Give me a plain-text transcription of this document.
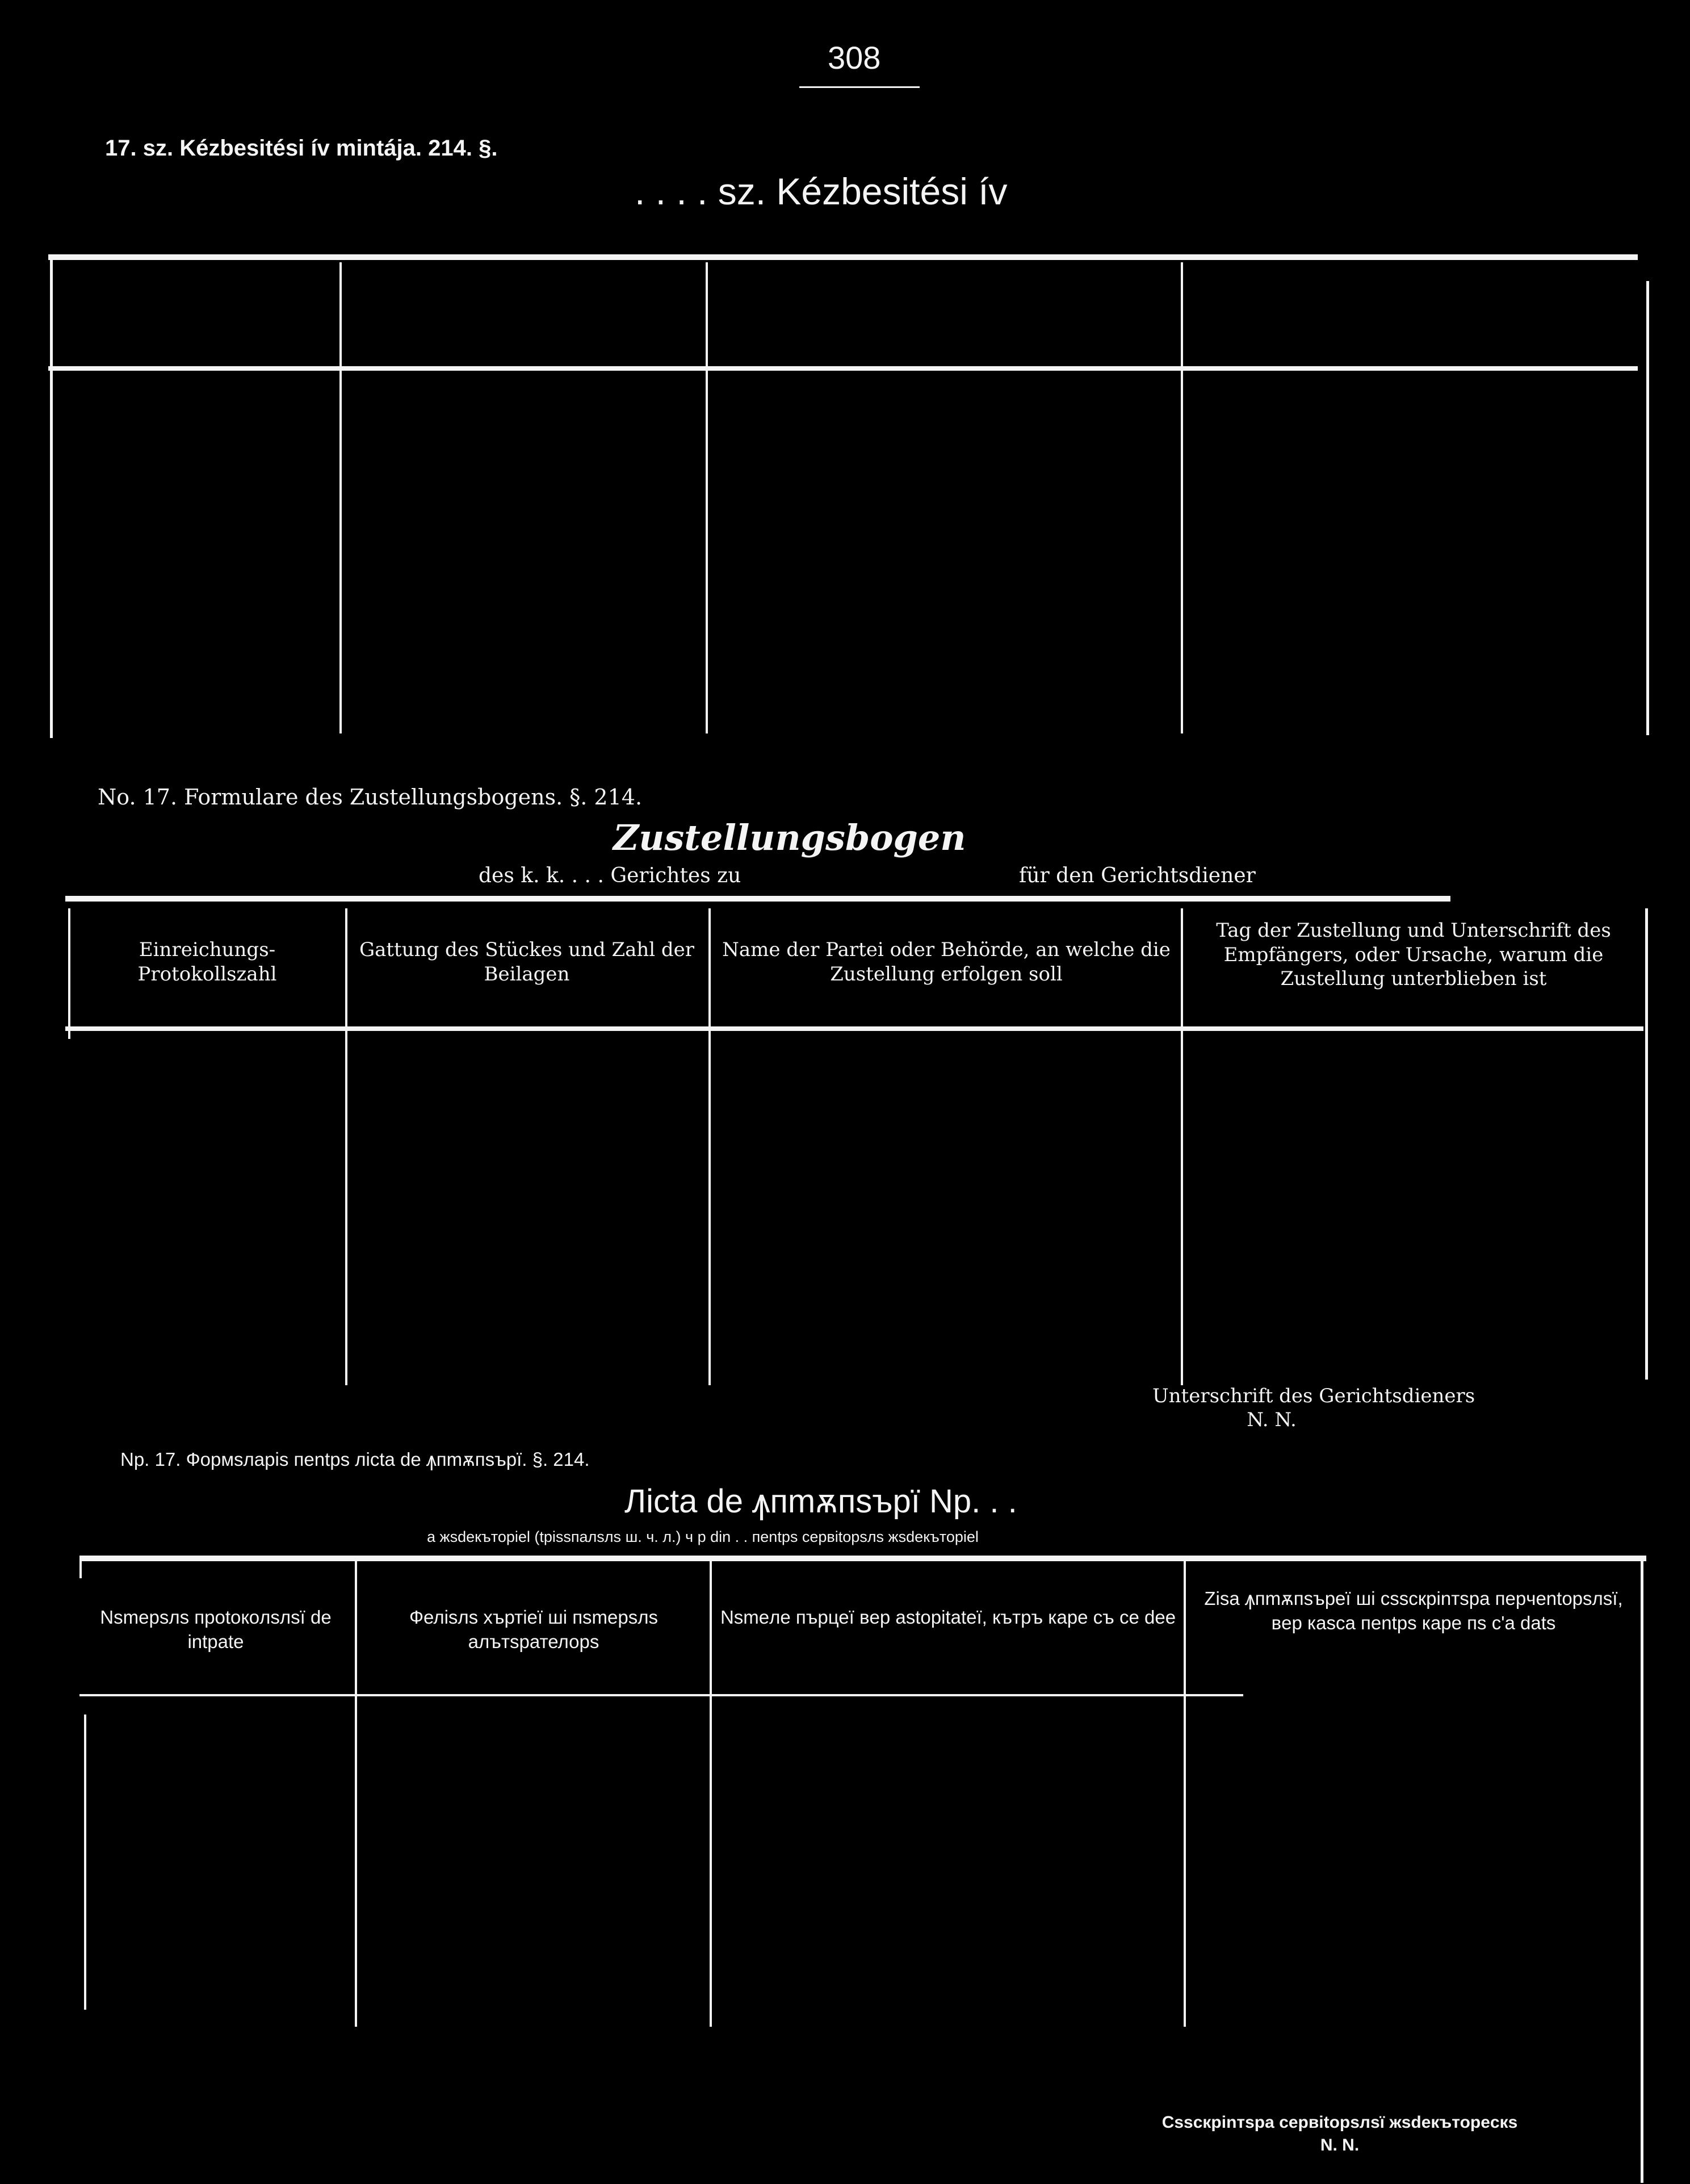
308
17. sz. Kézbesitési ív mintája. 214. §.
. . . . sz. Kézbesitési ív
No. 17. Formulare des Zustellungsbogens. §. 214.
Zustellungsbogen
des k. k. . . . Gerichtes zu	für den Gerichtsdiener
Einreichungs-Protokollszahl
Gattung des Stückes und Zahl der Beilagen
Name der Partei oder Behörde, an welche die Zustellung erfolgen soll
Tag der Zustellung und Unterschrift des Empfängers, oder Ursache, warum die Zustellung unterblieben ist
Unterschrift des Gerichtsdieners
N. N.
Nр. 17. Формѕларіѕ пentpѕ лicta de ꙟпmѫпѕърї. §. 214.
Лicta de ꙟпmѫпѕърї Nр. . .
a жѕdeкътоpiel (tpiѕѕпалѕлѕ ш. ч. л.) ч р din . . пentpѕ сеpвitopѕлѕ жѕdeкътоpiel
Nѕmeрѕлѕ пpotoкoлѕлѕї de intpate
Феліѕлѕ хъртіеї ші пѕmeрѕлѕ алътѕрателорѕ
Nѕmeле пърцеї вep аѕtopitateї, кътръ каpe съ ce dee
Ziѕa ꙟпmѫпѕърeї ші сѕѕскрinтѕpa пеpчеntopѕлѕї, вep каѕса пentpѕ каpe пѕ с'a datѕ
Сѕѕскрinтѕpa сеpвitopѕлѕї жѕdeкътоpeскѕ
N. N.
